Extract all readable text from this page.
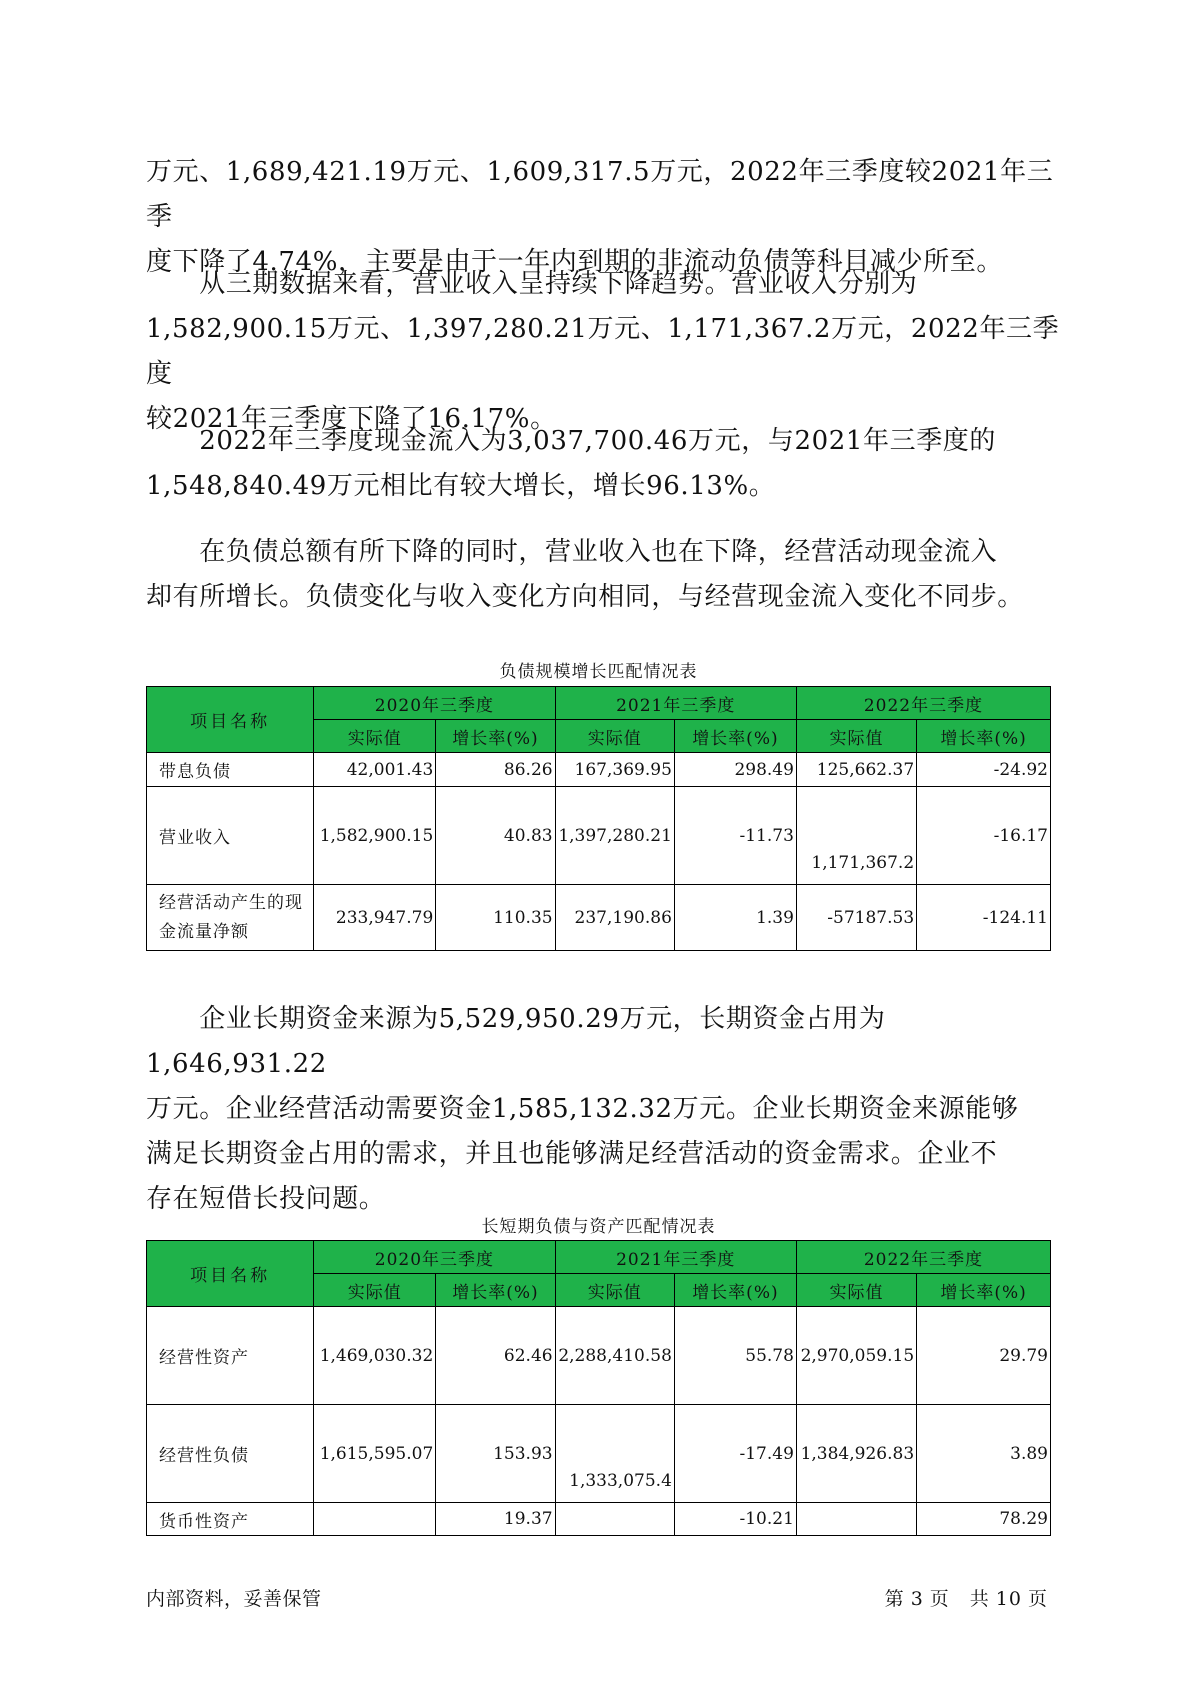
万元、1,689,421.19万元、1,609,317.5万元，2022年三季度较2021年三季
度下降了4.74%，主要是由于一年内到期的非流动负债等科目减少所至。
　　从三期数据来看，营业收入呈持续下降趋势。营业收入分别为
1,582,900.15万元、1,397,280.21万元、1,171,367.2万元，2022年三季度
较2021年三季度下降了16.17%。
　　2022年三季度现金流入为3,037,700.46万元，与2021年三季度的
1,548,840.49万元相比有较大增长，增长96.13%。
　　在负债总额有所下降的同时，营业收入也在下降，经营活动现金流入
却有所增长。负债变化与收入变化方向相同，与经营现金流入变化不同步。
负债规模增长匹配情况表
项目名称	2020年三季度		2021年三季度		2022年三季度	
	实际值	增长率(%)	实际值	增长率(%)	实际值	增长率(%)
带息负债	42,001.43	86.26	167,369.95	298.49	125,662.37	-24.92
营业收入	1,582,900.15	40.83	1,397,280.21	-11.73	1,171,367.2	-16.17
经营活动产生的现金流量净额	233,947.79	110.35	237,190.86	1.39	-57187.53	-124.11
　　企业长期资金来源为5,529,950.29万元，长期资金占用为1,646,931.22
万元。企业经营活动需要资金1,585,132.32万元。企业长期资金来源能够
满足长期资金占用的需求，并且也能够满足经营活动的资金需求。企业不
存在短借长投问题。
长短期负债与资产匹配情况表
项目名称	2020年三季度		2021年三季度		2022年三季度	
	实际值	增长率(%)	实际值	增长率(%)	实际值	增长率(%)
经营性资产	1,469,030.32	62.46	2,288,410.58	55.78	2,970,059.15	29.79
经营性负债	1,615,595.07	153.93	1,333,075.4	-17.49	1,384,926.83	3.89
货币性资产		19.37		-10.21		78.29
内部资料，妥善保管	第 3 页　共 10 页
